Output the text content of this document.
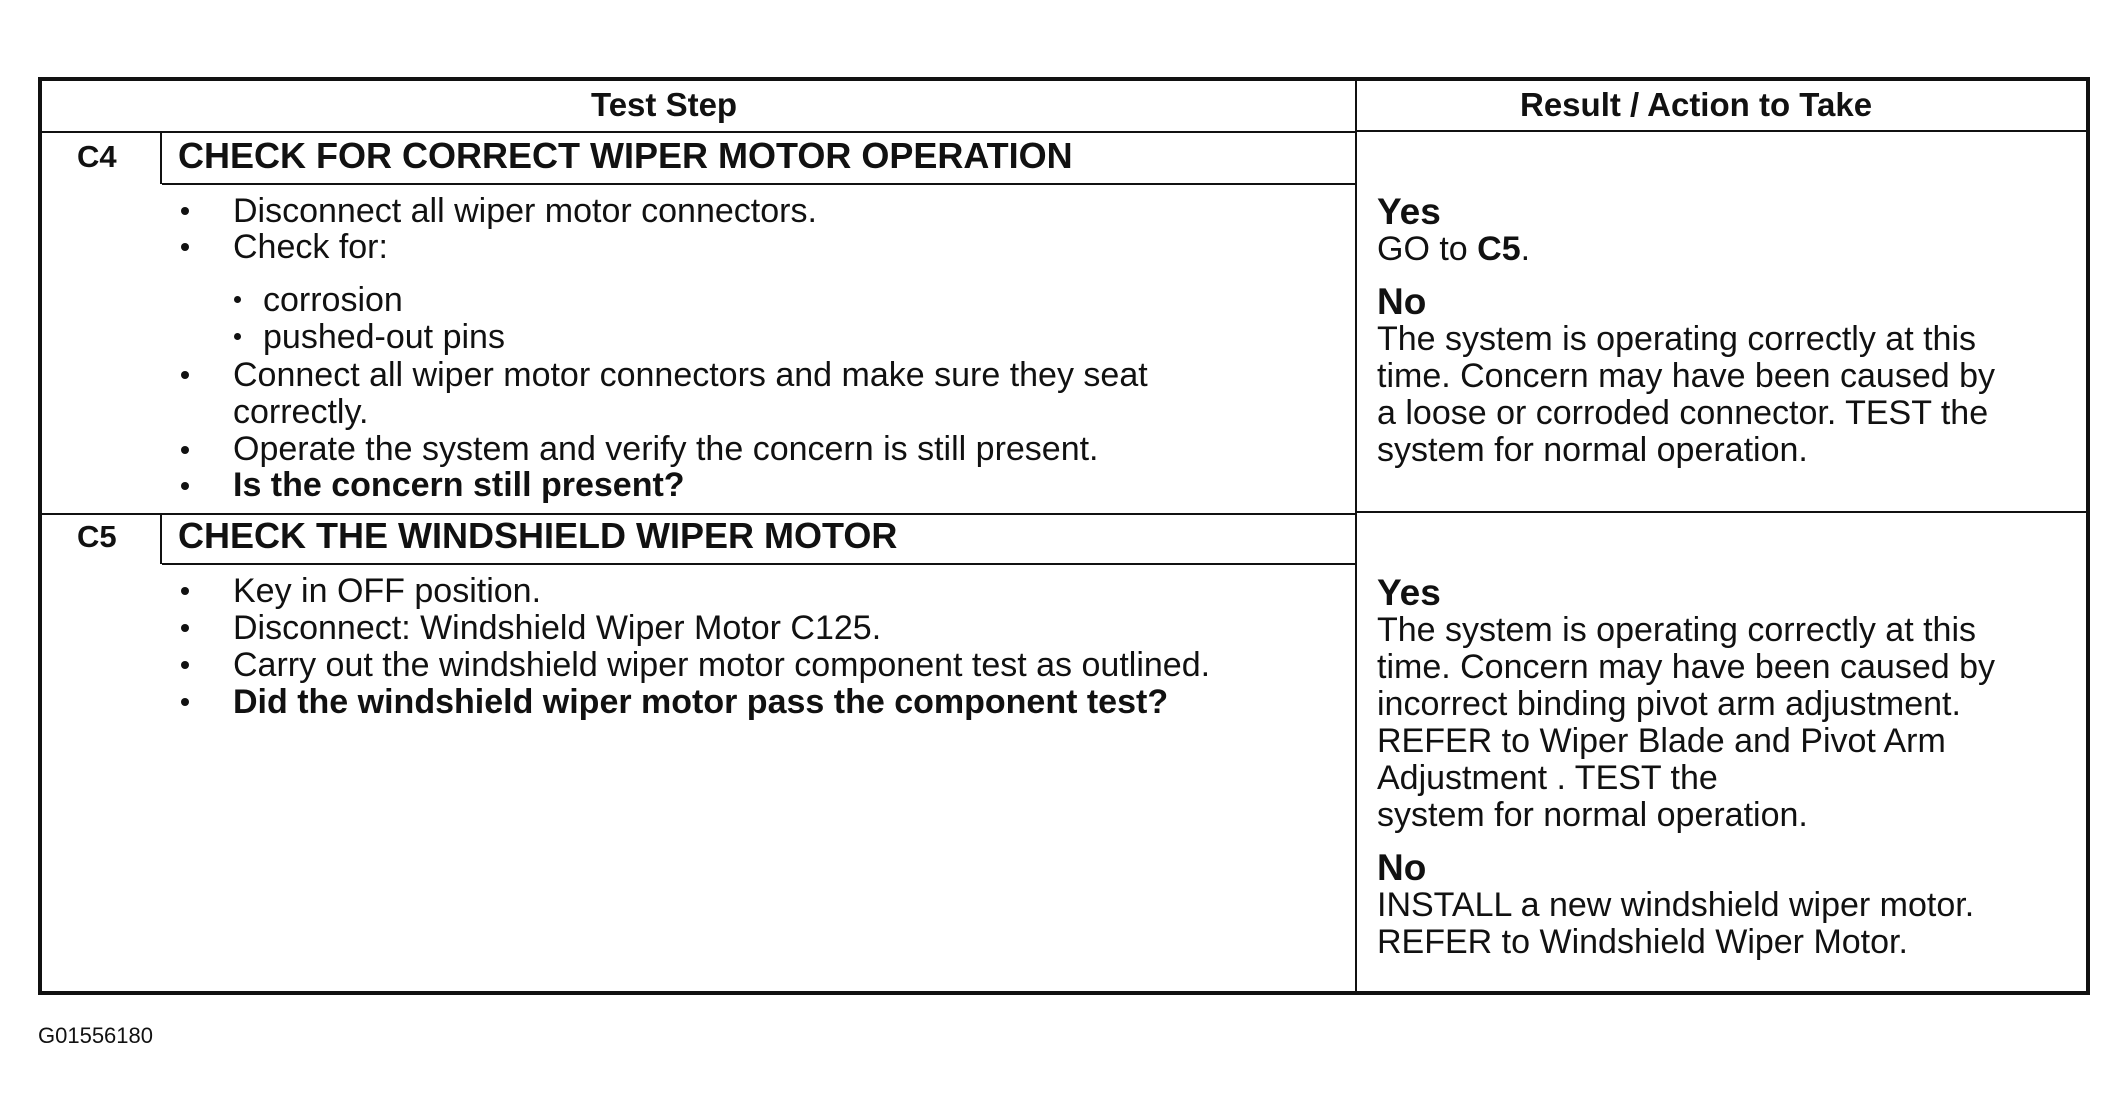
Test Step	Result / Action to Take
C4 CHECK FOR CORRECT WIPER MOTOR OPERATION
Disconnect all wiper motor connectors.
Check for:
corrosion
pushed-out pins
Connect all wiper motor connectors and make sure they seat
correctly.
Operate the system and verify the concern is still present.
Is the concern still present?
Yes
GO to C5.
No
The system is operating correctly at this
time. Concern may have been caused by
a loose or corroded connector. TEST the
system for normal operation.
C5 CHECK THE WINDSHIELD WIPER MOTOR
Key in OFF position.
Disconnect: Windshield Wiper Motor C125.
Carry out the windshield wiper motor component test as outlined.
Did the windshield wiper motor pass the component test?
Yes
The system is operating correctly at this
time. Concern may have been caused by
incorrect binding pivot arm adjustment.
REFER to Wiper Blade and Pivot Arm
Adjustment . TEST the
system for normal operation.
No
INSTALL a new windshield wiper motor.
REFER to Windshield Wiper Motor.
G01556180
